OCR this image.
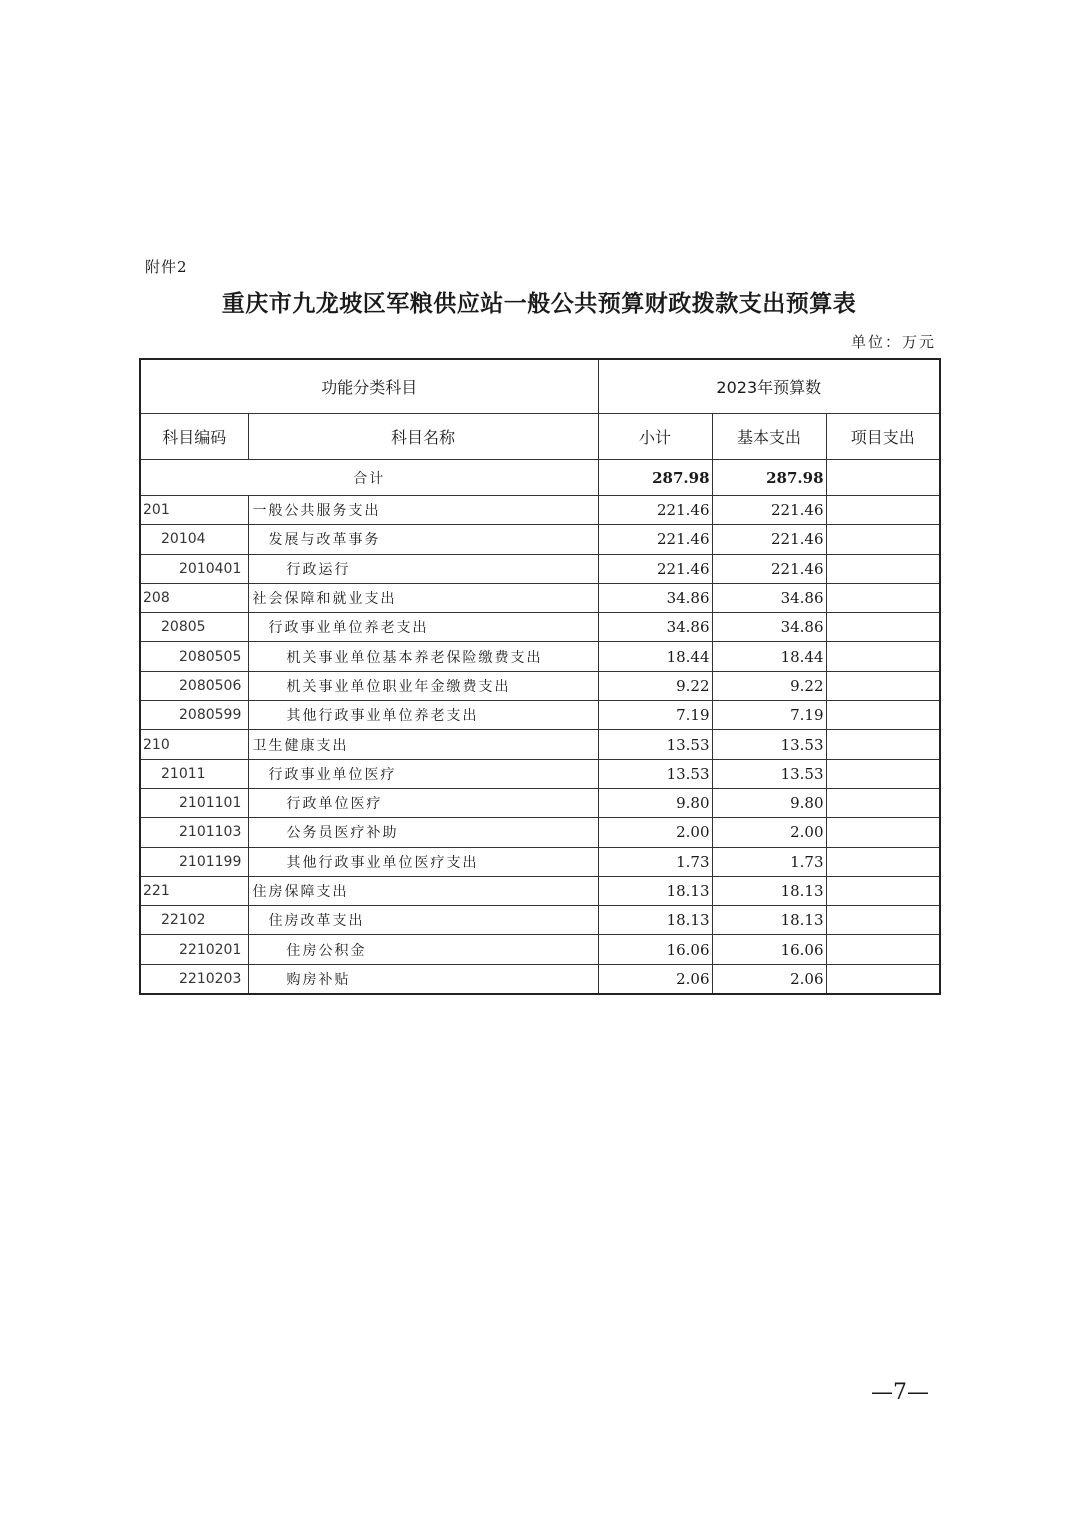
附件2
重庆市九龙坡区军粮供应站一般公共预算财政拨款支出预算表
单位：万元
功能分类科目		2023年预算数		
科目编码	科目名称	小计	基本支出	项目支出
合计		287.98	287.98	
201	一般公共服务支出	221.46	221.46	
20104	发展与改革事务	221.46	221.46	
2010401	行政运行	221.46	221.46	
208	社会保障和就业支出	34.86	34.86	
20805	行政事业单位养老支出	34.86	34.86	
2080505	机关事业单位基本养老保险缴费支出	18.44	18.44	
2080506	机关事业单位职业年金缴费支出	9.22	9.22	
2080599	其他行政事业单位养老支出	7.19	7.19	
210	卫生健康支出	13.53	13.53	
21011	行政事业单位医疗	13.53	13.53	
2101101	行政单位医疗	9.80	9.80	
2101103	公务员医疗补助	2.00	2.00	
2101199	其他行政事业单位医疗支出	1.73	1.73	
221	住房保障支出	18.13	18.13	
22102	住房改革支出	18.13	18.13	
2210201	住房公积金	16.06	16.06	
2210203	购房补贴	2.06	2.06	
—7—
